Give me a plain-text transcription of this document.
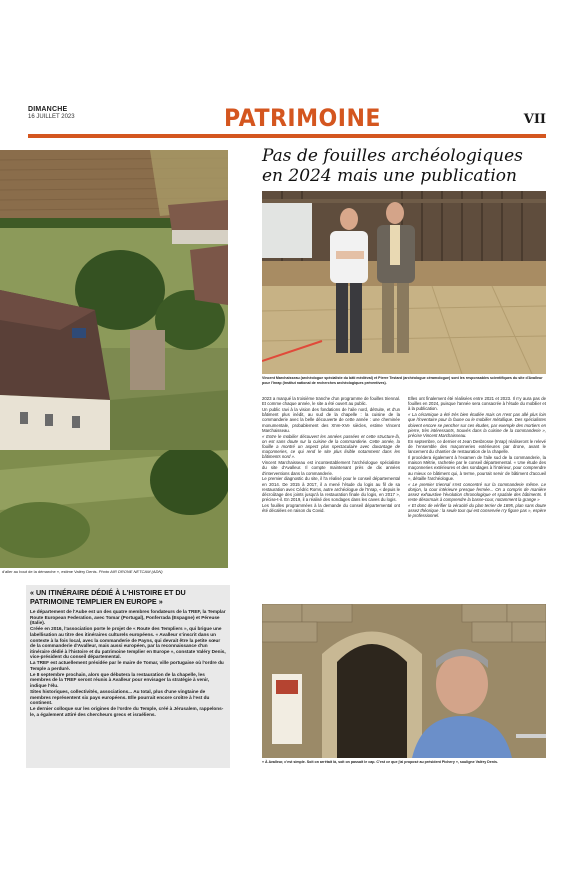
DIMANCHE
16 JUILLET 2023	PATRIMOINE	VII
d'aller au bout de la démarche », estime Valéry Denis. Photo AIR DRONE NETCAM (ADN)
Pas de fouilles archéologiques en 2024 mais une publication
Vincent Marchaisseau (archéologue spécialiste du bâti médiéval) et Pierre Testard (archéologue céramologue) sont les responsables scientifiques du site d'Avalleur pour l'Inrap (Institut national de recherches archéologiques préventives).

2023 a marqué la troisième tranche d'un programme de fouilles triennal. Et comme chaque année, le site a été ouvert au public.

Un public ravi à la vision des fondations de l'aile nord, détruite, et d'un bâtiment plus inédit, au sud de la chapelle : la cuisine de la commanderie avec la belle découverte de cette année : une cheminée monumentale, probablement des XIVe-XVe siècles, estime Vincent Marchaisseau.

« Entre le mobilier découvert les années passées et cette structure-là, on est sans doute sur la cuisine de la commanderie. Cette année, la fouille a montré un aspect plus spectaculaire avec davantage de maçonneries, ce qui rend le site plus lisible notamment dans les bâtiments nord ».

Vincent Marchaisseau est incontestablement l'archéologue spécialiste du site d'Avalleur. Il compte maintenant près de dix années d'interventions dans la commanderie.

Le premier diagnostic du site, il l'a réalisé pour le conseil départemental en 2014. De 2015 à 2017, il a mené l'étude du logis au fil de sa restauration avec Cédric Roms, autre archéologue de l'Inrap, « depuis le décroûtage des joints jusqu'à la restauration finale du logis, en 2017 », précise-t-il. En 2019, il a réalisé des sondages dans les caves du logis.

Les fouilles programmées à la demande du conseil départemental ont été décalées en raison du Covid.

Elles ont finalement été réalisées entre 2021 et 2023. Il n'y aura pas de fouilles en 2024, puisque l'année sera consacrée à l'étude du mobilier et à la publication.

« La céramique a été très bien étudiée mais on n'est pas allé plus loin que l'inventaire pour la faune ou le mobilier métallique. Des spécialistes doivent encore se pencher sur ces études, par exemple des mortiers en pierre, très intéressants, trouvés dans la cuisine de la commanderie », précise Vincent Marchaisseau.

En septembre, ce dernier et Jean Desbrosse (Inrap) réaliseront le relevé de l'ensemble des maçonneries extérieures par drone, avant le lancement du chantier de restauration de la chapelle.

Il procédera également à l'examen de l'aile sud de la commanderie, la maison Métrie, rachetée par le conseil départemental. « Une étude des maçonneries extérieures et des sondages à l'intérieur, pour comprendre au mieux ce bâtiment qui, à terme, pourrait servir de bâtiment d'accueil », détaille l'archéologue.

« Le premier triennal s'est concentré sur la commanderie même. Le donjon, la cour intérieure presque fermée... On a compris de manière assez exhaustive l'évolution chronologique et spatiale des bâtiments. Il reste désormais à comprendre la basse-cour, notamment la grange »

« Et donc de vérifier la véracité du plan terrier de 1695, plan sans doute assez théorique : la seule tour qui est conservée n'y figure pas », espère le professionnel.

« À Avalleur, c'est simple. Soit on arrêtait là, soit on passait le cap. C'est ce que j'ai proposé au président Pichery », souligne Valéry Denis.
« UN ITINÉRAIRE DÉDIÉ À L'HISTOIRE ET DU PATRIMOINE TEMPLIER EN EUROPE »

Le département de l'Aube est un des quatre membres fondateurs de la TREF, la Templar Route European Federation, avec Tomar (Portugal), Ponferrada (Espagne) et Péreuse (Italie).

Créée en 2016, l'association porte le projet de « Route des Templiers », qui brigue une labellisation au titre des itinéraires culturels européens. « Avalleur s'inscrit dans un contexte à la fois local, avec la commanderie de Payns, qui devrait être la petite sœur de la commanderie d'Avalleur, mais aussi européen, par la reconnaissance d'un itinéraire dédié à l'histoire et du patrimoine templier en Europe », constate Valéry Denis, vice-président du conseil départemental.

La TREF est actuellement présidée par le maire de Tomar, ville portugaise où l'ordre du Temple a perduré.

Le 8 septembre prochain, alors que débutera la restauration de la chapelle, les membres de la TREF seront réunis à Avalleur pour envisager la stratégie à venir, indique l'élu.

Sites historiques, collectivités, associations... Au total, plus d'une vingtaine de membres représentent six pays européens. Elle pourrait encore croître à l'est du continent.

Le dernier colloque sur les origines de l'ordre du Temple, créé à Jérusalem, rappelons-le, a également attiré des chercheurs grecs et israéliens.
